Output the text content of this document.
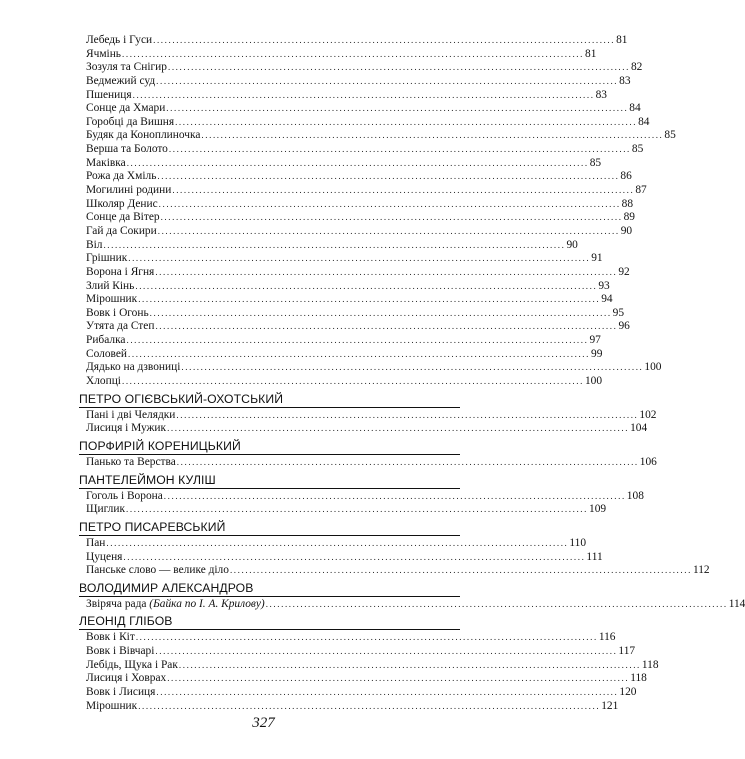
Лебедь і Гуси ........................................................................................................................ 81
Ячмінь ........................................................................................................................ 81
Зозуля та Снігир ........................................................................................................................ 82
Ведмежий суд ........................................................................................................................ 83
Пшениця ........................................................................................................................ 83
Сонце да Хмари ........................................................................................................................ 84
Горобці да Вишня ........................................................................................................................ 84
Будяк да Коноплиночка ........................................................................................................................ 85
Верша та Болото ........................................................................................................................ 85
Маківка ........................................................................................................................ 85
Рожа да Хміль ........................................................................................................................ 86
Могилині родини ........................................................................................................................ 87
Школяр Денис ........................................................................................................................ 88
Сонце да Вітер ........................................................................................................................ 89
Гай да Сокири ........................................................................................................................ 90
Віл ........................................................................................................................ 90
Грішник ........................................................................................................................ 91
Ворона і Ягня ........................................................................................................................ 92
Злий Кінь ........................................................................................................................ 93
Мірошник ........................................................................................................................ 94
Вовк і Огонь ........................................................................................................................ 95
Утята да Степ ........................................................................................................................ 96
Рибалка ........................................................................................................................ 97
Соловей ........................................................................................................................ 99
Дядько на дзвониці ........................................................................................................................ 100
Хлопці ........................................................................................................................ 100
ПЕТРО ОГІЄВСЬКИЙ-ОХОТСЬКИЙ
Пані і дві Челядки ........................................................................................................................ 102
Лисиця і Мужик ........................................................................................................................ 104
ПОРФИРІЙ КОРЕНИЦЬКИЙ
Панько та Верства ........................................................................................................................ 106
ПАНТЕЛЕЙМОН КУЛІШ
Гоголь і Ворона ........................................................................................................................ 108
Щиглик ........................................................................................................................ 109
ПЕТРО ПИСАРЕВСЬКИЙ
Пан ........................................................................................................................ 110
Цуценя ........................................................................................................................ 111
Панське слово — велике діло ........................................................................................................................ 112
ВОЛОДИМИР АЛЕКСАНДРОВ
Звіряча рада (Байка по І. А. Крилову) ........................................................................................................................ 114
ЛЕОНІД ГЛІБОВ
Вовк і Кіт ........................................................................................................................ 116
Вовк і Вівчарі ........................................................................................................................ 117
Лебідь, Щука і Рак ........................................................................................................................ 118
Лисиця і Ховрах ........................................................................................................................ 118
Вовк і Лисиця ........................................................................................................................ 120
Мірошник ........................................................................................................................ 121
327
